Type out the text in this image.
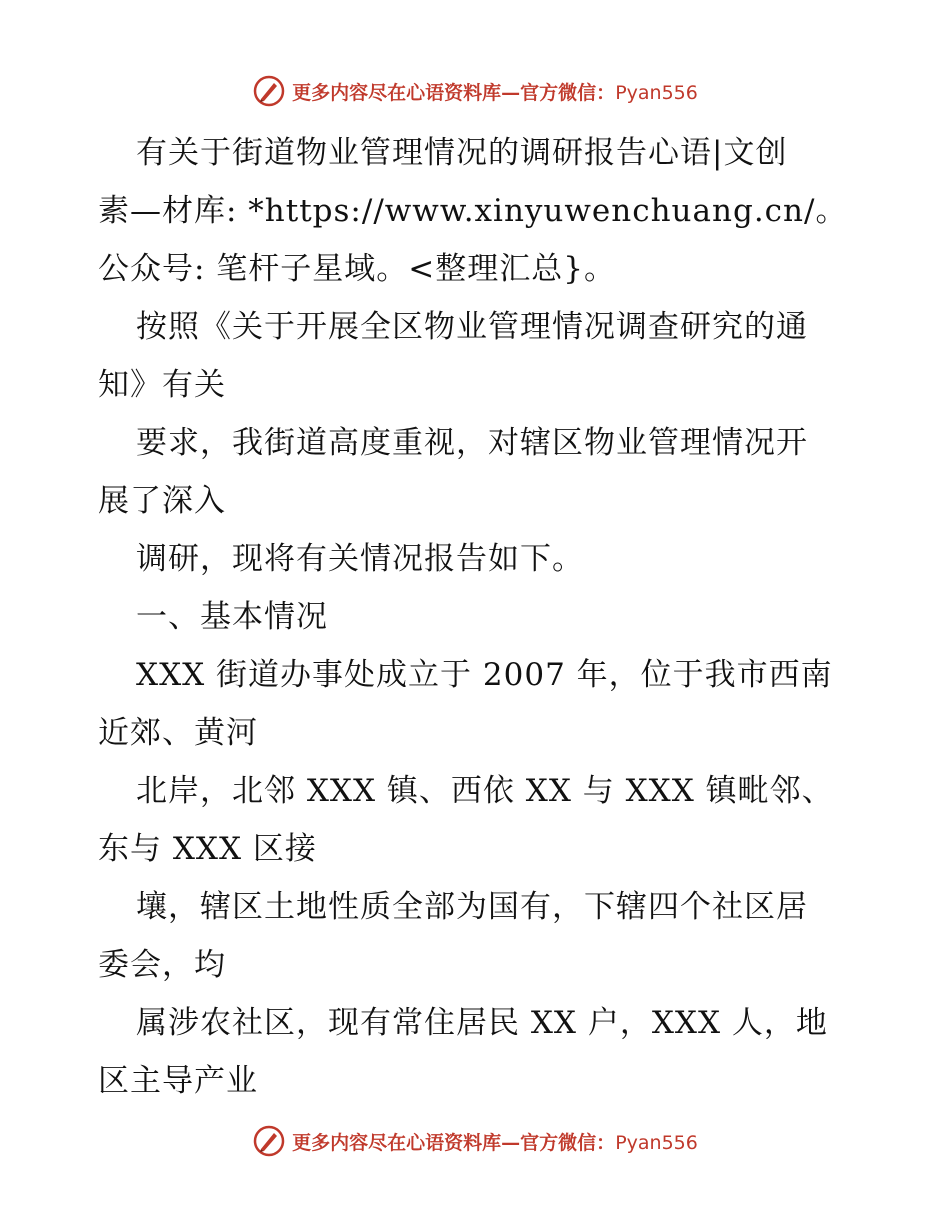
更多内容尽在心语资料库—官方微信：Pyan556
有关于街道物业管理情况的调研报告心语|文创
素—材库: *https://www.xinyuwenchuang.cn/。
公众号: 笔杆子星域。<整理汇总}。
按照《关于开展全区物业管理情况调查研究的通
知》有关
要求，我街道高度重视，对辖区物业管理情况开
展了深入
调研，现将有关情况报告如下。
一、基本情况
XXX 街道办事处成立于 2007 年，位于我市西南
近郊、黄河
北岸，北邻 XXX 镇、西依 XX 与 XXX 镇毗邻、
东与 XXX 区接
壤，辖区土地性质全部为国有，下辖四个社区居
委会，均
属涉农社区，现有常住居民 XX 户，XXX 人，地
区主导产业
更多内容尽在心语资料库—官方微信：Pyan556
